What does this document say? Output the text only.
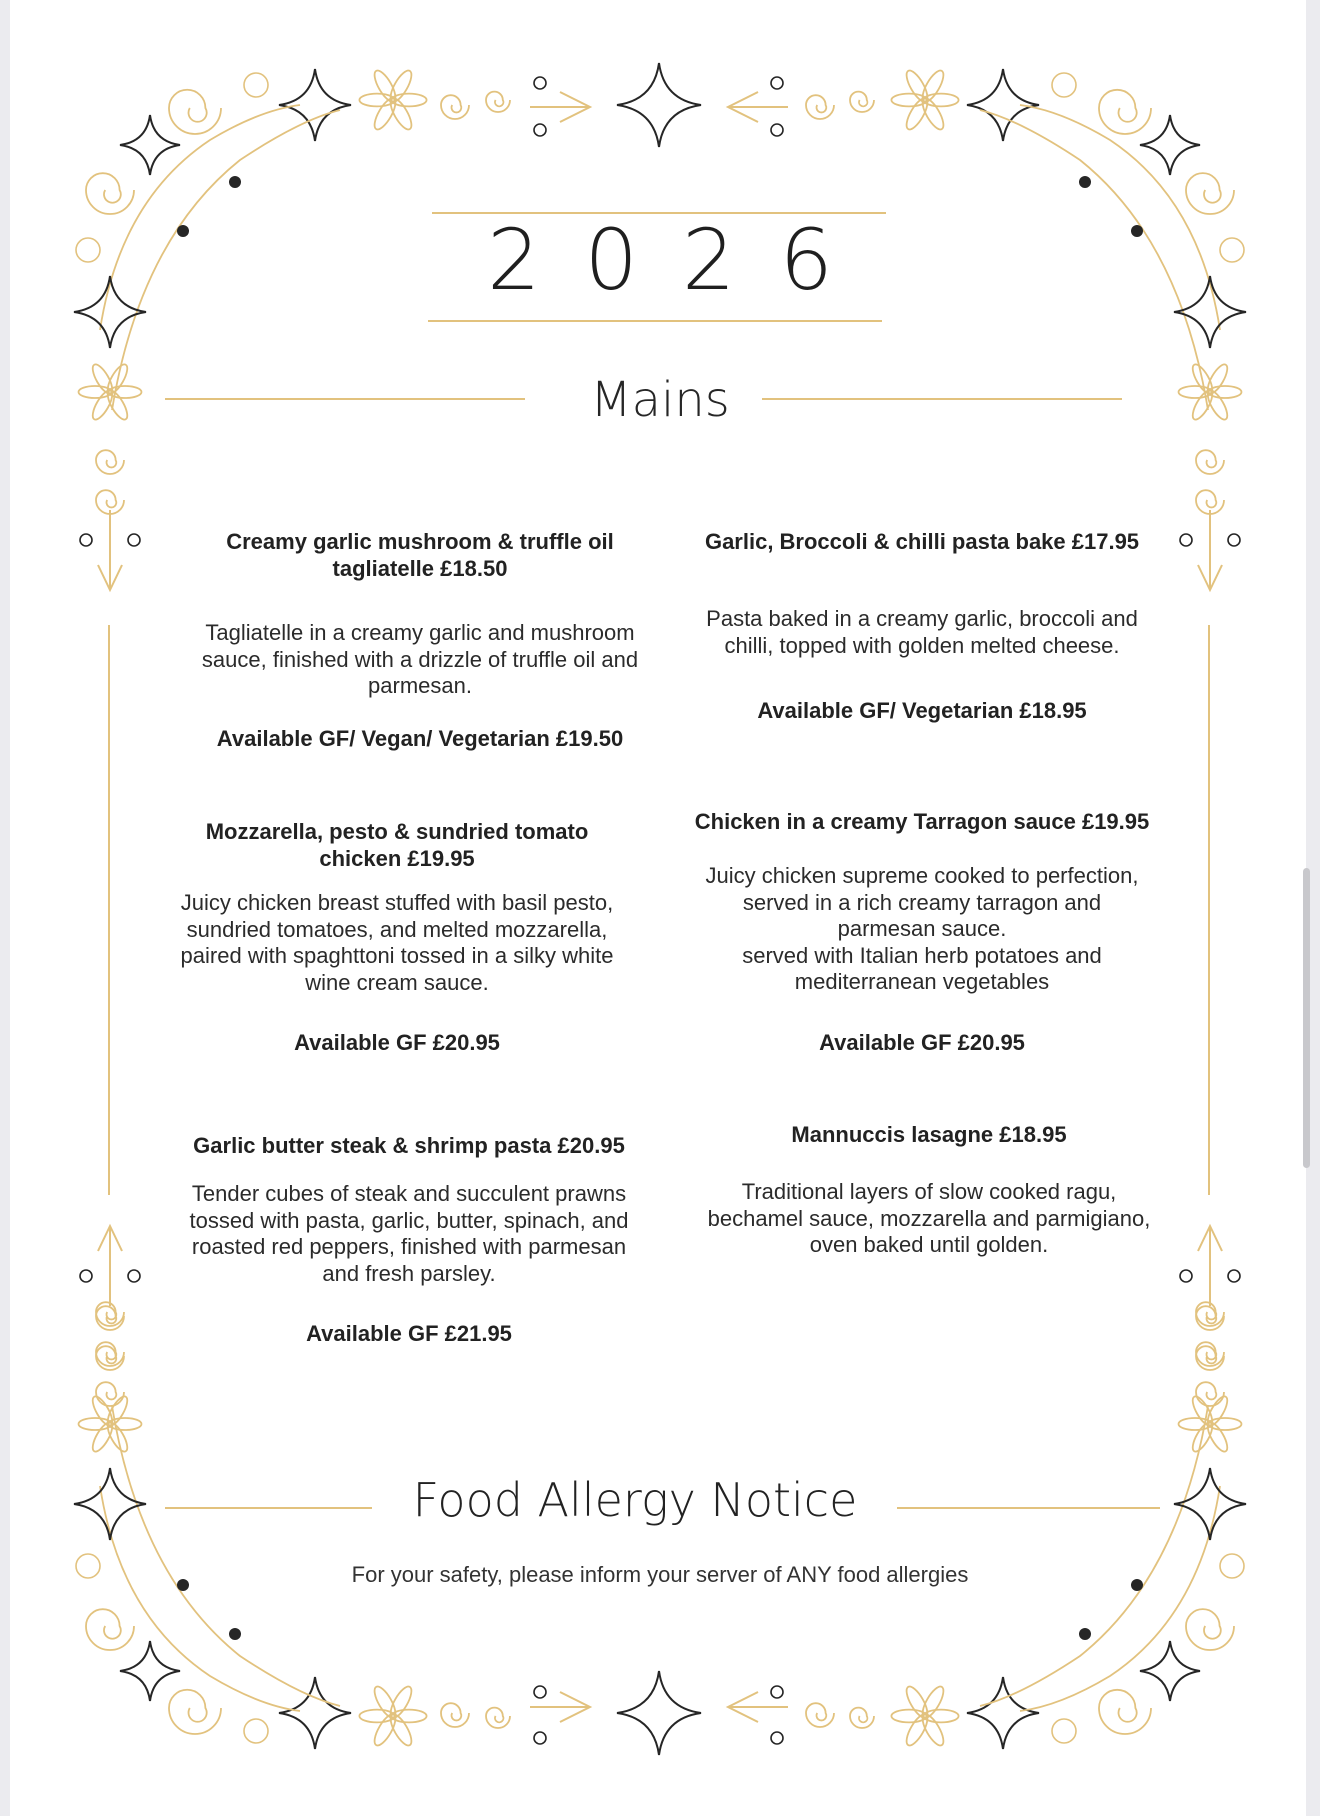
2026
Mains
Creamy garlic mushroom & truffle oil
tagliatelle £18.50
Tagliatelle in a creamy garlic and mushroom
sauce, finished with a drizzle of truffle oil and
parmesan.
Available GF/ Vegan/ Vegetarian £19.50
Garlic, Broccoli & chilli pasta bake £17.95
Pasta baked in a creamy garlic, broccoli and
chilli, topped with golden melted cheese.
Available GF/ Vegetarian £18.95
Mozzarella, pesto & sundried tomato
chicken £19.95
Juicy chicken breast stuffed with basil pesto,
sundried tomatoes, and melted mozzarella,
paired with spaghttoni tossed in a silky white
wine cream sauce.
Available GF £20.95
Chicken in a creamy Tarragon sauce £19.95
Juicy chicken supreme cooked to perfection,
served in a rich creamy tarragon and
parmesan sauce.
served with Italian herb potatoes and
mediterranean vegetables
Available GF £20.95
Garlic butter steak & shrimp pasta £20.95
Tender cubes of steak and succulent prawns
tossed with pasta, garlic, butter, spinach, and
roasted red peppers, finished with parmesan
and fresh parsley.
Available GF £21.95
Mannuccis lasagne £18.95
Traditional layers of slow cooked ragu,
bechamel sauce, mozzarella and parmigiano,
oven baked until golden.
Food Allergy Notice
For your safety, please inform your server of ANY food allergies
